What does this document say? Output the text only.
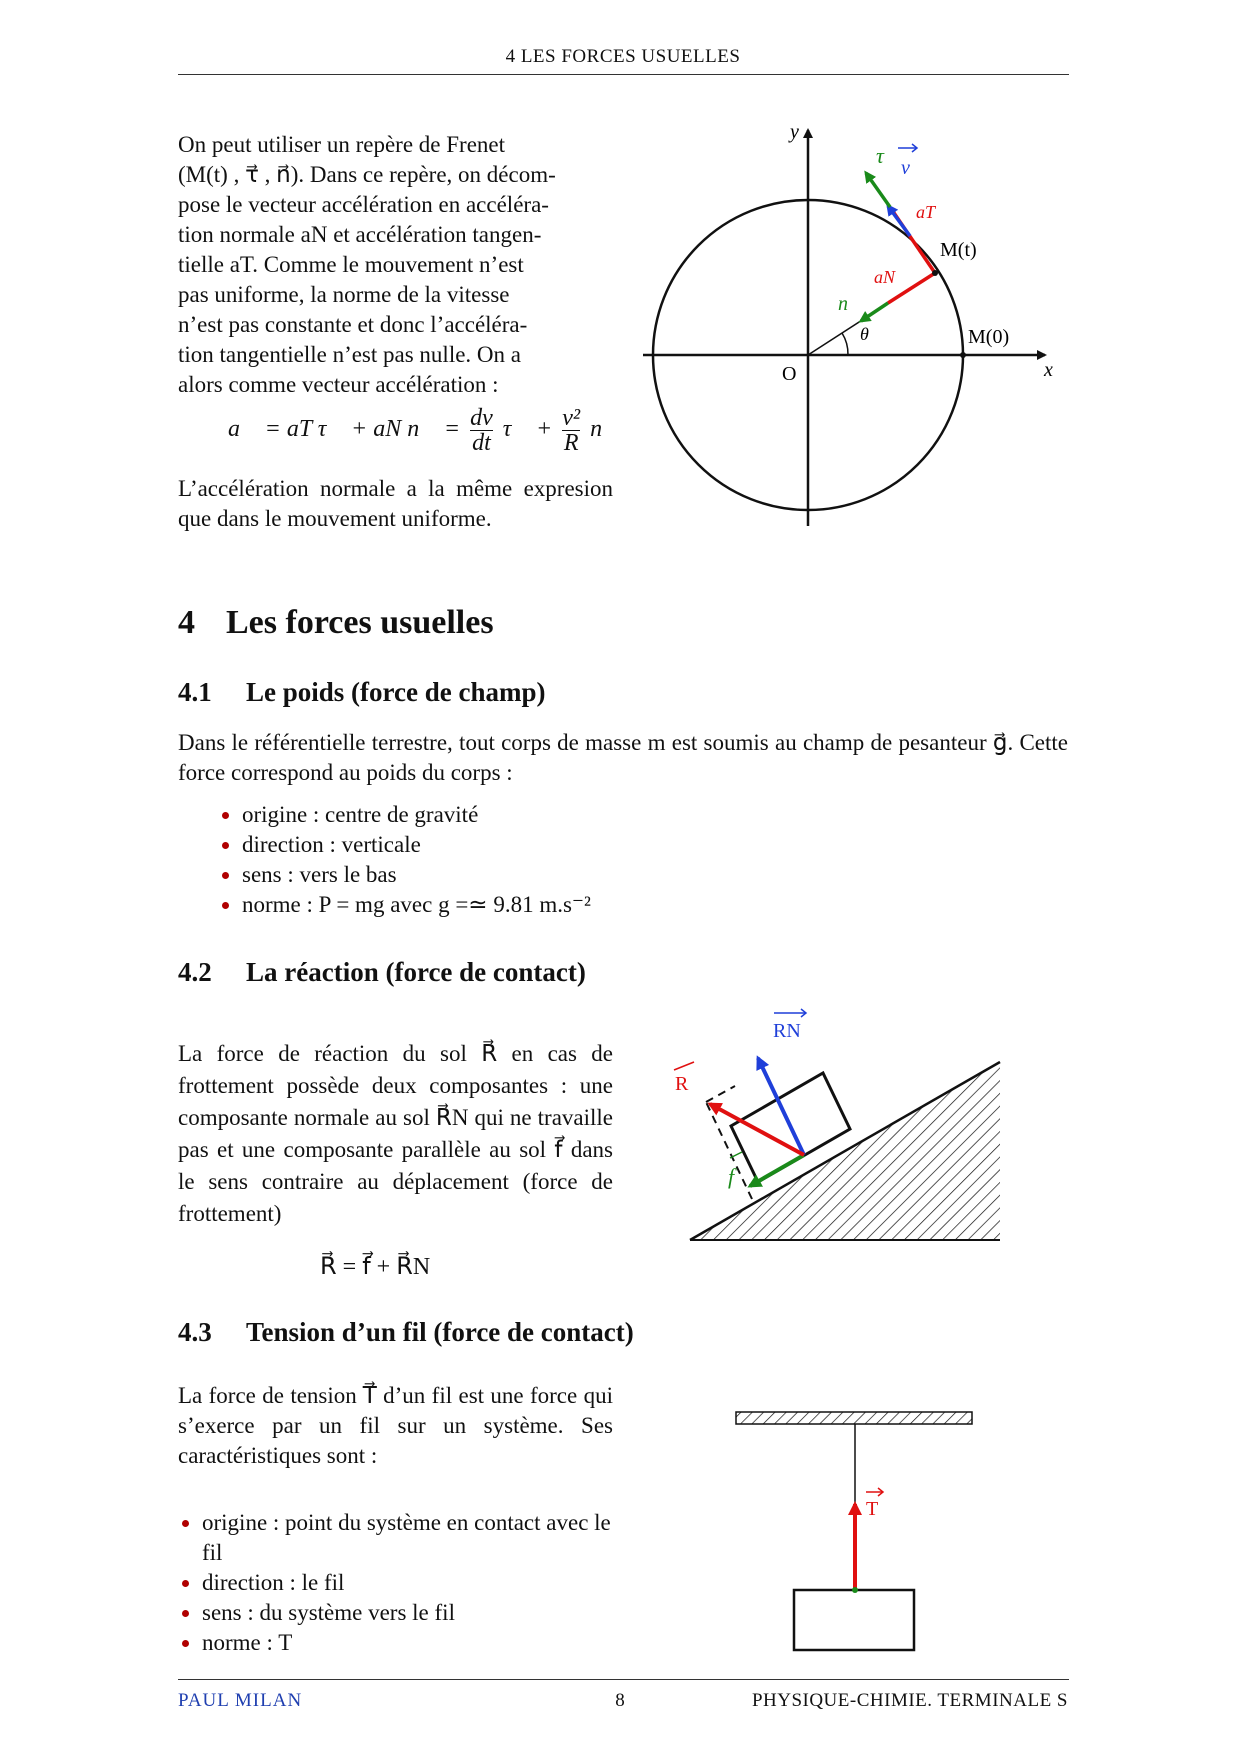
4 LES FORCES USUELLES
On peut utiliser un repère de Frenet
(M(t) , τ⃗ , n⃗). Dans ce repère, on décom-
pose le vecteur accélération en accéléra-
tion normale aN et accélération tangen-
tielle aT. Comme le mouvement n’est
pas uniforme, la norme de la vitesse
n’est pas constante et donc l’accéléra-
tion tangentielle n’est pas nulle. On a
alors comme vecteur accélération :
a⃗ = aT τ⃗ + aN n⃗ = $\frac{dv}{dt}$ τ⃗ + $\frac{\text{v²}}{R}$ n⃗
L’accélération normale a la même expresion que dans le mouvement uniforme.
y
x
O
M(0)
M(t)
θ
τ⃗ v
aT
aN
n⃗
4 Les forces usuelles
4.1 Le poids (force de champ)
Dans le référentielle terrestre, tout corps de masse m est soumis au champ de pesanteur g⃗. Cette force correspond au poids du corps :
origine : centre de gravité
direction : verticale
sens : vers le bas
norme : P = mg avec g =≃ 9.81 m.s⁻²
4.2 La réaction (force de contact)
La force de réaction du sol R⃗ en cas de frottement possède deux composantes : une composante normale au sol R⃗N qui ne travaille pas et une composante parallèle au sol f⃗ dans le sens contraire au déplacement (force de frottement)
R⃗ = f⃗ + R⃗N
RN
R
f
4.3 Tension d’un fil (force de contact)
La force de tension T⃗ d’un fil est une force qui s’exerce par un fil sur un système. Ses caractéristiques sont :
origine : point du système en contact avec le fil
direction : le fil
sens : du système vers le fil
norme : T
T
PAUL MILAN	8	PHYSIQUE-CHIMIE. TERMINALE S
